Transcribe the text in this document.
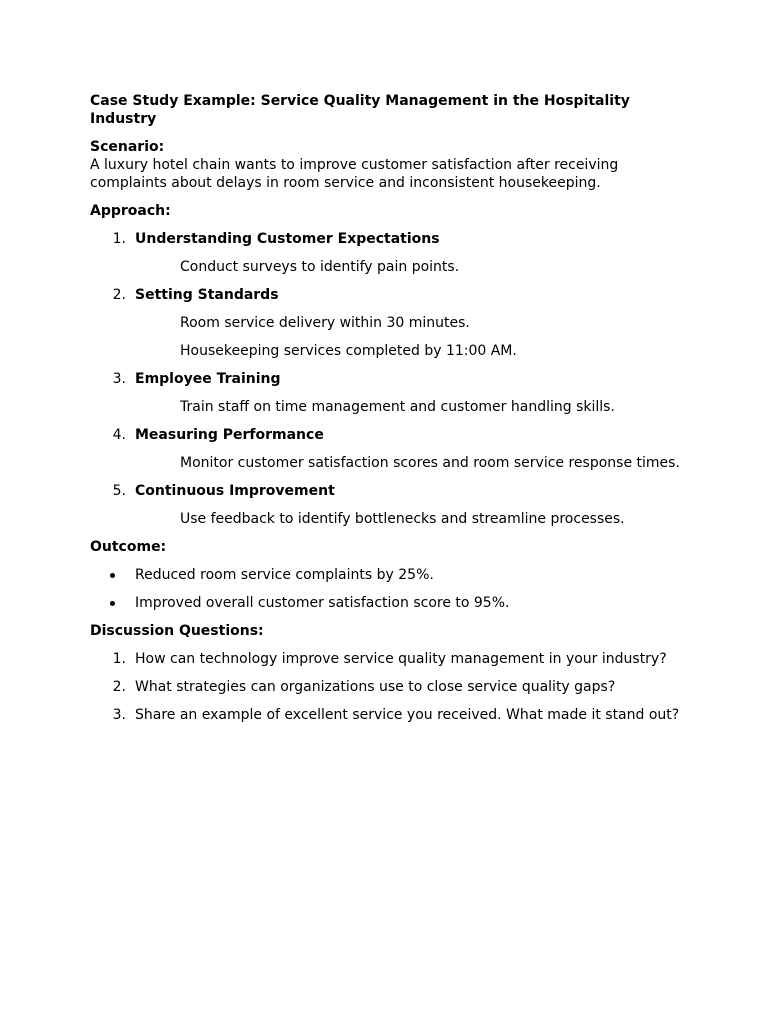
Case Study Example: Service Quality Management in the Hospitality Industry
Scenario:
A luxury hotel chain wants to improve customer satisfaction after receiving
complaints about delays in room service and inconsistent housekeeping.
Approach:
1. Understanding Customer Expectations
Conduct surveys to identify pain points.
2. Setting Standards
Room service delivery within 30 minutes.
Housekeeping services completed by 11:00 AM.
3. Employee Training
Train staff on time management and customer handling skills.
4. Measuring Performance
Monitor customer satisfaction scores and room service response times.
5. Continuous Improvement
Use feedback to identify bottlenecks and streamline processes.
Outcome:
Reduced room service complaints by 25%.
Improved overall customer satisfaction score to 95%.
Discussion Questions:
1. How can technology improve service quality management in your industry?
2. What strategies can organizations use to close service quality gaps?
3. Share an example of excellent service you received. What made it stand out?
